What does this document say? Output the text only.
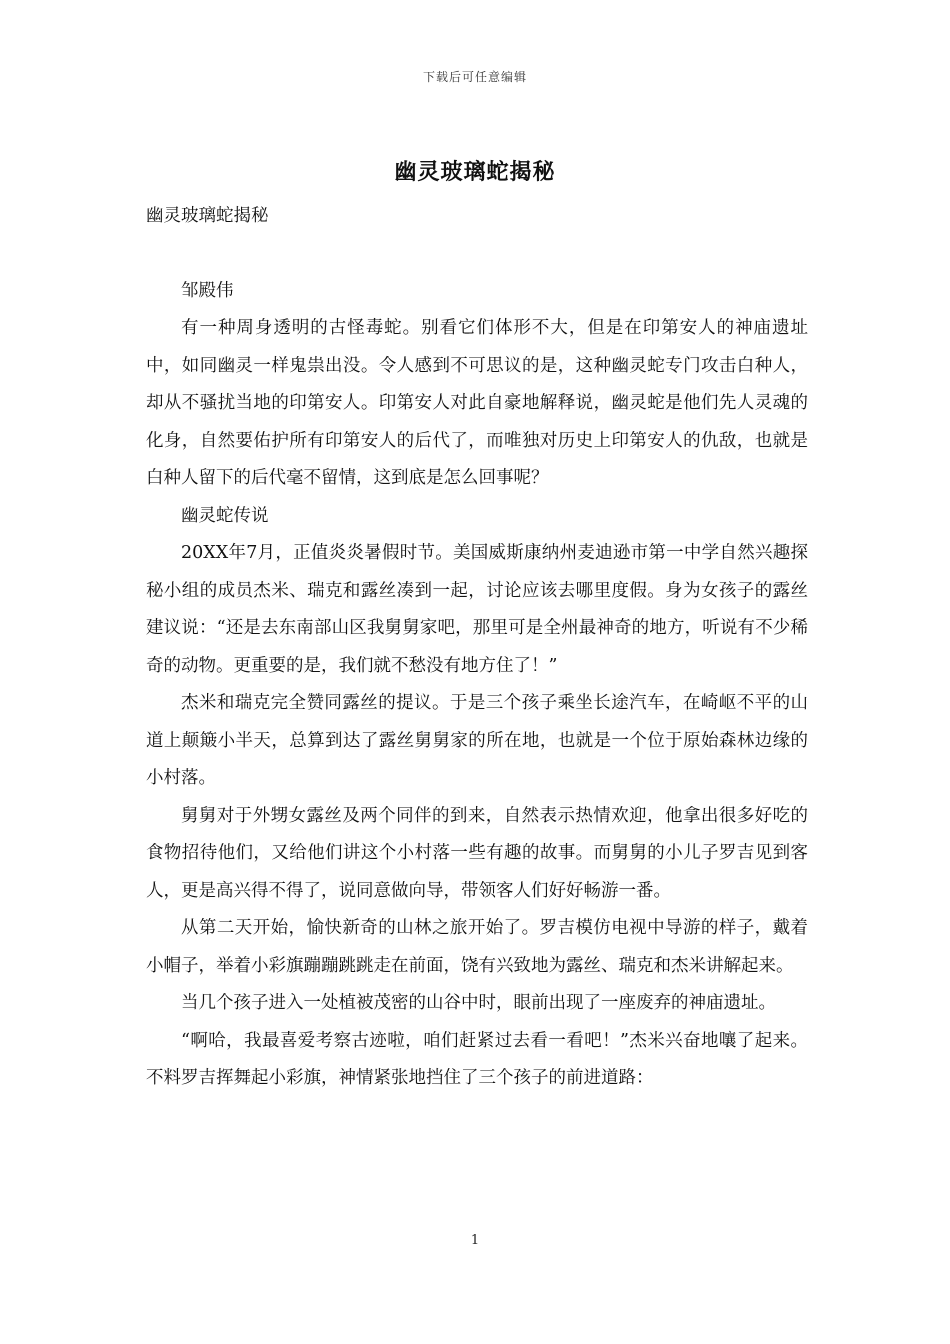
下载后可任意编辑
幽灵玻璃蛇揭秘

幽灵玻璃蛇揭秘

邹殿伟

有一种周身透明的古怪毒蛇。别看它们体形不大，但是在印第安人的神庙遗址中，如同幽灵一样鬼祟出没。令人感到不可思议的是，这种幽灵蛇专门攻击白种人，却从不骚扰当地的印第安人。印第安人对此自豪地解释说，幽灵蛇是他们先人灵魂的化身，自然要佑护所有印第安人的后代了，而唯独对历史上印第安人的仇敌，也就是白种人留下的后代毫不留情，这到底是怎么回事呢？

幽灵蛇传说

20XX年7月，正值炎炎暑假时节。美国威斯康纳州麦迪逊市第一中学自然兴趣探秘小组的成员杰米、瑞克和露丝凑到一起，讨论应该去哪里度假。身为女孩子的露丝建议说：“还是去东南部山区我舅舅家吧，那里可是全州最神奇的地方，听说有不少稀奇的动物。更重要的是，我们就不愁没有地方住了！”

杰米和瑞克完全赞同露丝的提议。于是三个孩子乘坐长途汽车，在崎岖不平的山道上颠簸小半天，总算到达了露丝舅舅家的所在地，也就是一个位于原始森林边缘的小村落。

舅舅对于外甥女露丝及两个同伴的到来，自然表示热情欢迎，他拿出很多好吃的食物招待他们，又给他们讲这个小村落一些有趣的故事。而舅舅的小儿子罗吉见到客人，更是高兴得不得了，说同意做向导，带领客人们好好畅游一番。

从第二天开始，愉快新奇的山林之旅开始了。罗吉模仿电视中导游的样子，戴着小帽子，举着小彩旗蹦蹦跳跳走在前面，饶有兴致地为露丝、瑞克和杰米讲解起来。

当几个孩子进入一处植被茂密的山谷中时，眼前出现了一座废弃的神庙遗址。

“啊哈，我最喜爱考察古迹啦，咱们赶紧过去看一看吧！”杰米兴奋地嚷了起来。不料罗吉挥舞起小彩旗，神情紧张地挡住了三个孩子的前进道路：

1
